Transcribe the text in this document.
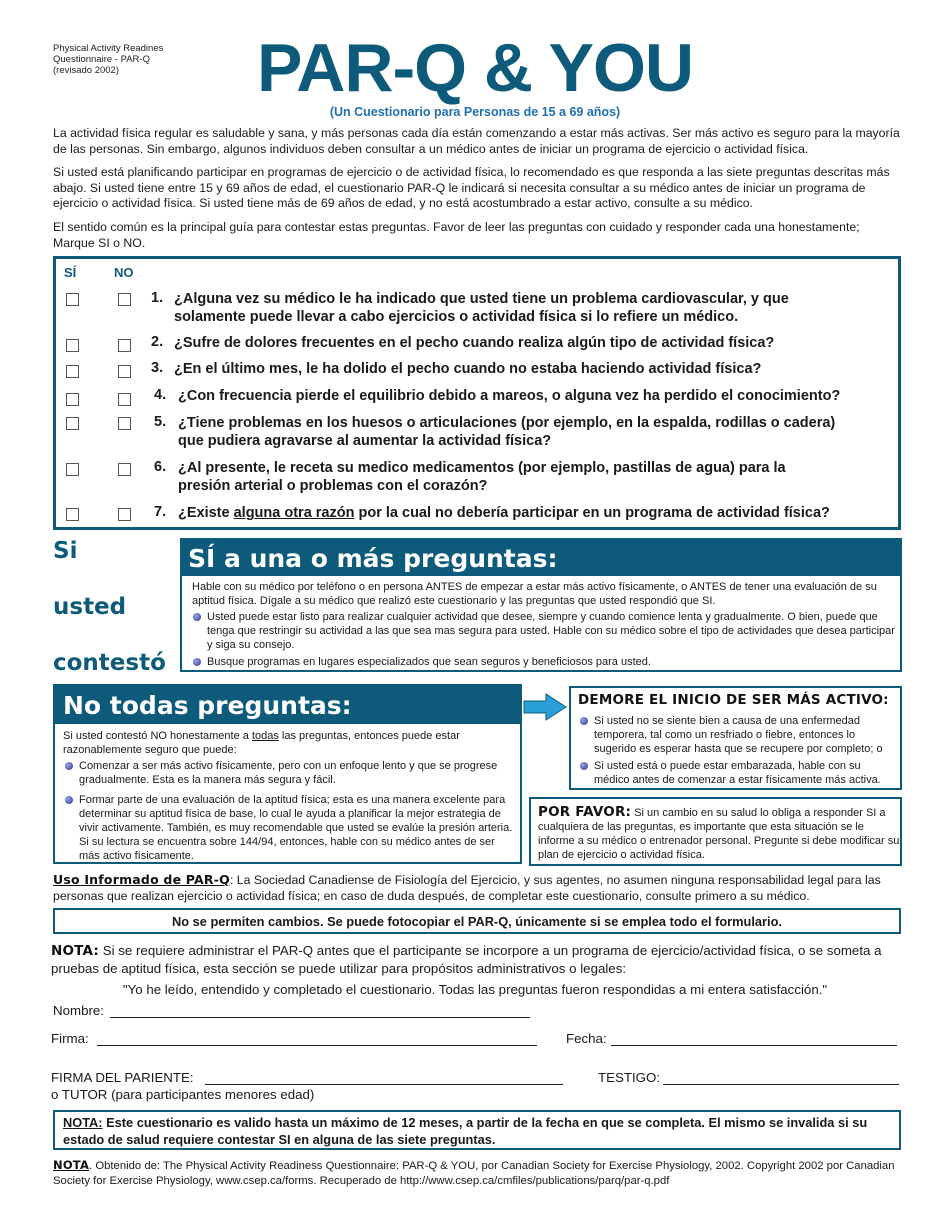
Physical Activity Readines
Questionnaire - PAR-Q
(revisado 2002)	PAR-Q & YOU
(Un Cuestionario para Personas de 15 a 69 años)
La actividad física regular es saludable y sana, y más personas cada día están comenzando a estar más activas. Ser más activo es seguro para la mayoría de las personas. Sin embargo, algunos individuos deben consultar a un médico antes de iniciar un programa de ejercicio o actividad física.
Si usted está planificando participar en programas de ejercicio o de actividad física, lo recomendado es que responda a las siete preguntas descritas más abajo. Si usted tiene entre 15 y 69 años de edad, el cuestionario PAR-Q le indicará si necesita consultar a su médico antes de iniciar un programa de ejercicio o actividad física. Si usted tiene más de 69 años de edad, y no está acostumbrado a estar activo, consulte a su médico.
El sentido común es la principal guía para contestar estas preguntas. Favor de leer las preguntas con cuidado y responder cada una honestamente; Marque SI o NO.
SÍ	NO
1. ¿Alguna vez su médico le ha indicado que usted tiene un problema cardiovascular, y que
solamente puede llevar a cabo ejercicios o actividad física si lo refiere un médico.
2. ¿Sufre de dolores frecuentes en el pecho cuando realiza algún tipo de actividad física?
3. ¿En el último mes, le ha dolido el pecho cuando no estaba haciendo actividad física?
4. ¿Con frecuencia pierde el equilibrio debido a mareos, o alguna vez ha perdido el conocimiento?
5. ¿Tiene problemas en los huesos o articulaciones (por ejemplo, en la espalda, rodillas o cadera)
que pudiera agravarse al aumentar la actividad física?
6. ¿Al presente, le receta su medico medicamentos (por ejemplo, pastillas de agua) para la
presión arterial o problemas con el corazón?
7. ¿Existe alguna otra razón por la cual no debería participar en un programa de actividad física?
Si
usted
contestó
SÍ a una o más preguntas:
Hable con su médico por teléfono o en persona ANTES de empezar a estar más activo físicamente, o ANTES de tener una evaluación de su aptitud física. Dígale a su médico que realizó este cuestionario y las preguntas que usted respondió que SI.
Usted puede estar listo para realizar cualquier actividad que desee, siempre y cuando comience lenta y gradualmente. O bien, puede que tenga que restringir su actividad a las que sea mas segura para usted. Hable con su médico sobre el tipo de actividades que desea participar y siga su consejo.
Busque programas en lugares especializados que sean seguros y beneficiosos para usted.
No todas preguntas:
Si usted contestó NO honestamente a todas las preguntas, entonces puede estar razonablemente seguro que puede:
Comenzar a ser más activo físicamente, pero con un enfoque lento y que se progrese gradualmente. Esta es la manera más segura y fácil.
Formar parte de una evaluación de la aptitud física; esta es una manera excelente para determinar su aptitud física de base, lo cual le ayuda a planificar la mejor estrategia de vivir activamente. También, es muy recomendable que usted se evalúe la presión arteria. Si su lectura se encuentra sobre 144/94, entonces, hable con su médico antes de ser más activo físicamente.
DEMORE EL INICIO DE SER MÁS ACTIVO:
Si usted no se siente bien a causa de una enfermedad temporera, tal como un resfriado o fiebre, entonces lo sugerido es esperar hasta que se recupere por completo; o
Si usted está o puede estar embarazada, hable con su médico antes de comenzar a estar físicamente más activa.
POR FAVOR: Si un cambio en su salud lo obliga a responder SI a cualquiera de las preguntas, es importante que esta situación se le informe a su médico o entrenador personal. Pregunte si debe modificar su plan de ejercicio o actividad física.
Uso Informado de PAR-Q: La Sociedad Canadiense de Fisiología del Ejercicio, y sus agentes, no asumen ninguna responsabilidad legal para las personas que realizan ejercicio o actividad física; en caso de duda después, de completar este cuestionario, consulte primero a su médico.
No se permiten cambios. Se puede fotocopiar el PAR-Q, únicamente si se emplea todo el formulario.
NOTA: Si se requiere administrar el PAR-Q antes que el participante se incorpore a un programa de ejercicio/actividad física, o se someta a pruebas de aptitud física, esta sección se puede utilizar para propósitos administrativos o legales:
"Yo he leído, entendido y completado el cuestionario. Todas las preguntas fueron respondidas a mi entera satisfacción."
Nombre:
Firma:	Fecha:
FIRMA DEL PARIENTE:	TESTIGO:
o TUTOR (para participantes menores edad)
NOTA: Este cuestionario es valido hasta un máximo de 12 meses, a partir de la fecha en que se completa. El mismo se invalida si su estado de salud requiere contestar SI en alguna de las siete preguntas.
NOTA. Obtenido de: The Physical Activity Readiness Questionnaire: PAR-Q & YOU, por Canadian Society for Exercise Physiology, 2002. Copyright 2002 por Canadian Society for Exercise Physiology, www.csep.ca/forms. Recuperado de http://www.csep.ca/cmfiles/publications/parq/par-q.pdf
